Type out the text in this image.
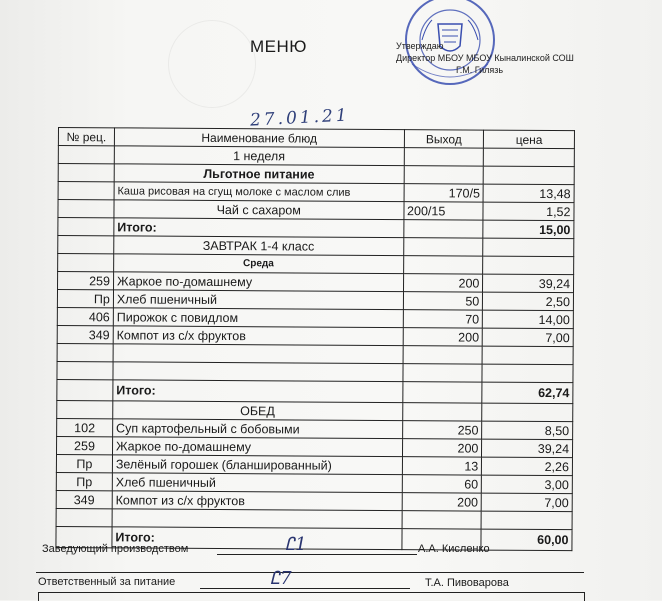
МЕНЮ	Утверждаю
Директор МБОУ МБОУ Кыналинской СОШ
Г.М. Гилязь
27.01.21
№ рец.	Наименование блюд	Выход	цена
	1 неделя		
	Льготное питание		
	Каша рисовая на сгущ молоке с маслом слив	170/5	13,48
	Чай с сахаром	200/15	1,52
	Итого:		15,00
	ЗАВТРАК 1-4 класс		
	Среда		
259	Жаркое по-домашнему	200	39,24
Пр	Хлеб пшеничный	50	2,50
406	Пирожок с повидлом	70	14,00
349	Компот из с/х фруктов	200	7,00

	Итого:		62,74
	ОБЕД		
102	Суп картофельный с бобовыми	250	8,50
259	Жаркое по-домашнему	200	39,24
Пр	Зелёный горошек (бланшированный)	13	2,26
Пр	Хлеб пшеничный	60	3,00
349	Компот из с/х фруктов	200	7,00

	Итого:		60,00
Заведующий производством	Ꮭ1	А.А. Кисленко
Ответственный за питание	Ꮭ7	Т.А. Пивоварова
